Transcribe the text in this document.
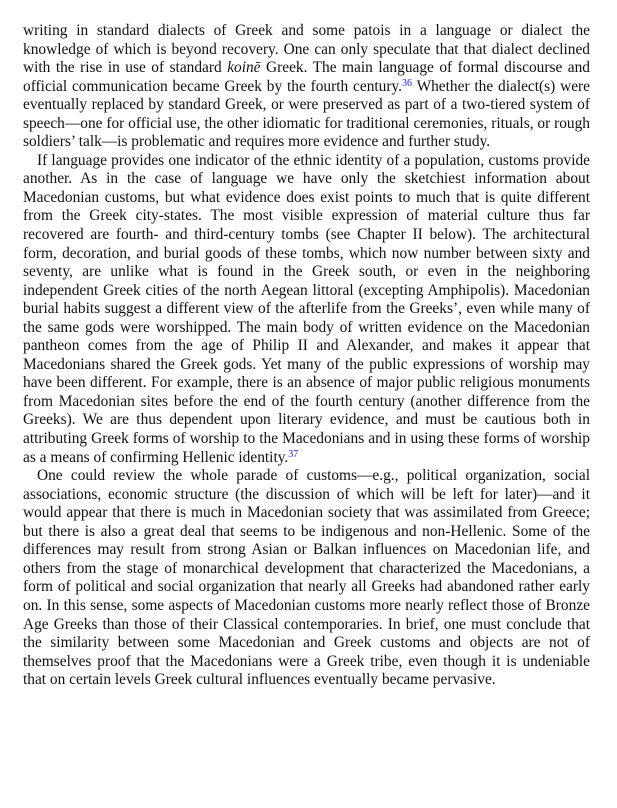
writing in standard dialects of Greek and some patois in a language or dialect the knowledge of which is beyond recovery. One can only speculate that that dialect declined with the rise in use of standard koinē Greek. The main language of formal discourse and official communication became Greek by the fourth century.$^{36}$ Whether the dialect(s) were eventually replaced by standard Greek, or were preserved as part of a two-tiered system of speech—one for official use, the other idiomatic for traditional ceremonies, rituals, or rough soldiers’ talk—is problematic and requires more evidence and further study.

If language provides one indicator of the ethnic identity of a population, customs provide another. As in the case of language we have only the sketchiest information about Macedonian customs, but what evidence does exist points to much that is quite different from the Greek city-states. The most visible expression of material culture thus far recovered are fourth- and third-century tombs (see Chapter II below). The architectural form, decoration, and burial goods of these tombs, which now number between sixty and seventy, are unlike what is found in the Greek south, or even in the neighboring independent Greek cities of the north Aegean littoral (excepting Amphipolis). Macedonian burial habits suggest a different view of the afterlife from the Greeks’, even while many of the same gods were worshipped. The main body of written evidence on the Macedonian pantheon comes from the age of Philip II and Alexander, and makes it appear that Macedonians shared the Greek gods. Yet many of the public expressions of worship may have been different. For example, there is an absence of major public religious monuments from Macedonian sites before the end of the fourth century (another difference from the Greeks). We are thus dependent upon literary evidence, and must be cautious both in attributing Greek forms of worship to the Macedonians and in using these forms of worship as a means of confirming Hellenic identity.$^{37}$

One could review the whole parade of customs—e.g., political organization, social associations, economic structure (the discussion of which will be left for later)—and it would appear that there is much in Macedonian society that was assimilated from Greece; but there is also a great deal that seems to be indigenous and non-Hellenic. Some of the differences may result from strong Asian or Balkan influences on Macedonian life, and others from the stage of monarchical development that characterized the Macedonians, a form of political and social organization that nearly all Greeks had abandoned rather early on. In this sense, some aspects of Macedonian customs more nearly reflect those of Bronze Age Greeks than those of their Classical contemporaries. In brief, one must conclude that the similarity between some Macedonian and Greek customs and objects are not of themselves proof that the Macedonians were a Greek tribe, even though it is undeniable that on certain levels Greek cultural influences eventually became pervasive.
